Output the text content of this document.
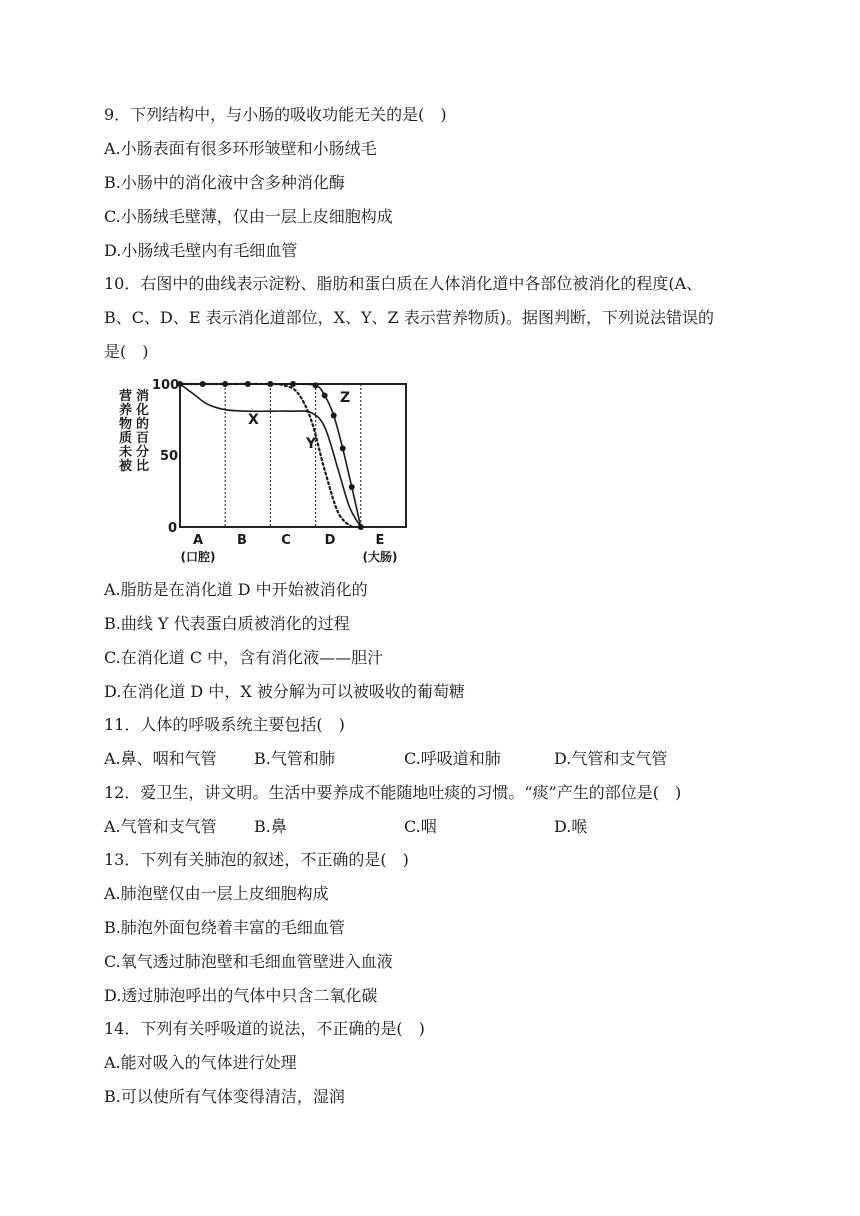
9．下列结构中，与小肠的吸收功能无关的是(　)
A.小肠表面有很多环形皱壁和小肠绒毛
B.小肠中的消化液中含多种消化酶
C.小肠绒毛壁薄，仅由一层上皮细胞构成
D.小肠绒毛壁内有毛细血管
10．右图中的曲线表示淀粉、脂肪和蛋白质在人体消化道中各部位被消化的程度(A、
B、C、D、E 表示消化道部位，X、Y、Z 表示营养物质)。据图判断，下列说法错误的
是(　)
X
Y
Z
营
养
物
质
未
被
消
化
的
百
分
比
100
50
0
A
(口腔)
B	C	D	E
(大肠)
A.脂肪是在消化道 D 中开始被消化的
B.曲线 Y 代表蛋白质被消化的过程
C.在消化道 C 中，含有消化液——胆汁
D.在消化道 D 中，X 被分解为可以被吸收的葡萄糖
11．人体的呼吸系统主要包括(　)
A.鼻、咽和气管 B.气管和肺	C.呼吸道和肺	D.气管和支气管
12．爱卫生，讲文明。生活中要养成不能随地吐痰的习惯。“痰”产生的部位是(　)
A.气管和支气管 B.鼻	C.咽	D.喉
13．下列有关肺泡的叙述，不正确的是(　)
A.肺泡壁仅由一层上皮细胞构成
B.肺泡外面包绕着丰富的毛细血管
C.氧气透过肺泡壁和毛细血管壁进入血液
D.透过肺泡呼出的气体中只含二氧化碳
14．下列有关呼吸道的说法，不正确的是(　)
A.能对吸入的气体进行处理
B.可以使所有气体变得清洁，湿润
